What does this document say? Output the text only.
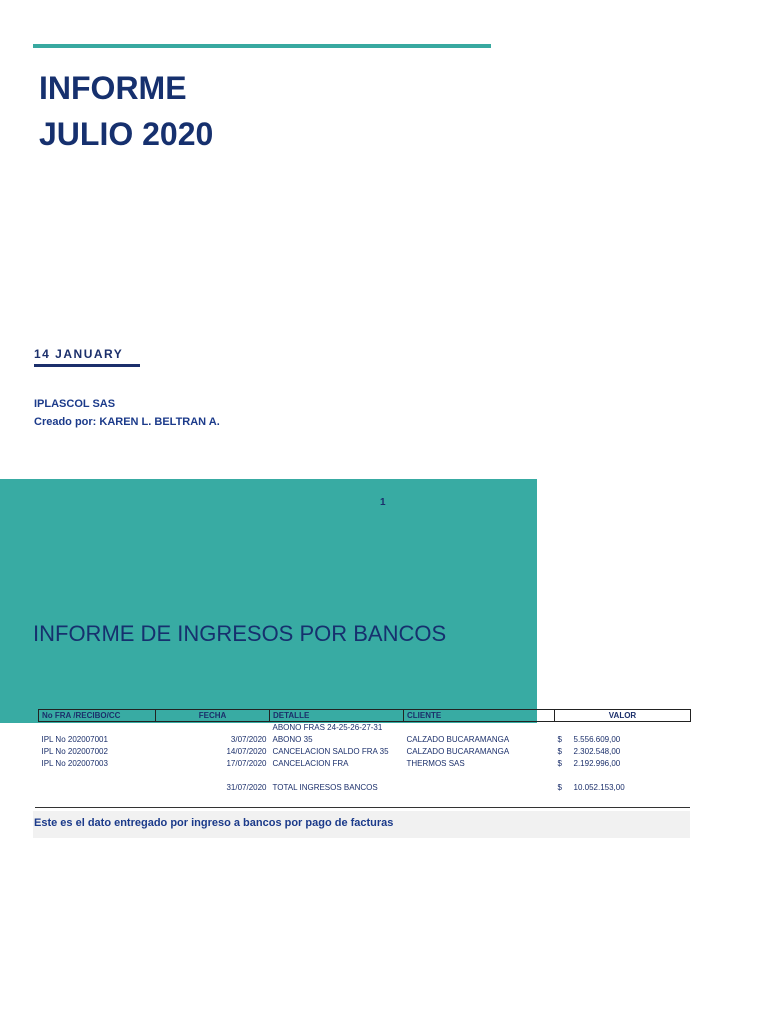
INFORME
JULIO 2020
14 JANUARY
IPLASCOL SAS
Creado por: KAREN L. BELTRAN A.
1
INFORME DE INGRESOS POR BANCOS
No FRA /RECIBO/CC	FECHA	DETALLE	CLIENTE	VALOR
		ABONO FRAS 24-25-26-27-31		
IPL No 202007001	3/07/2020	ABONO 35	CALZADO BUCARAMANGA	$ 5.556.609,00
IPL No 202007002	14/07/2020	CANCELACION SALDO FRA 35	CALZADO BUCARAMANGA	$ 2.302.548,00
IPL No 202007003	17/07/2020	CANCELACION FRA	THERMOS SAS	$ 2.192.996,00

	31/07/2020	TOTAL INGRESOS BANCOS		$ 10.052.153,00
Este es el dato entregado por ingreso a bancos por pago de facturas
